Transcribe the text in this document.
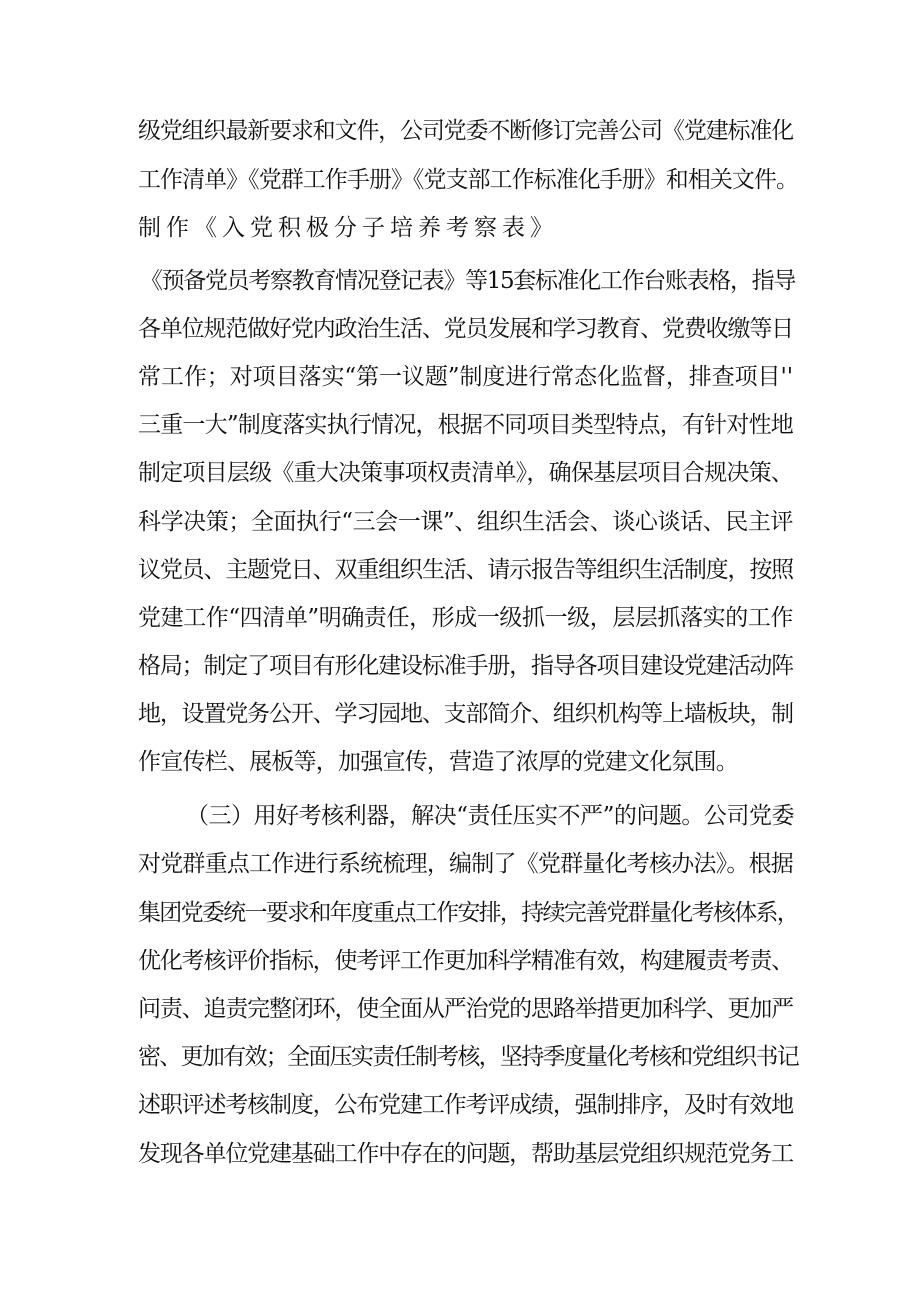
级党组织最新要求和文件，公司党委不断修订完善公司《党建标准化
工作清单》《党群工作手册》《党支部工作标准化手册》和相关文件。
制作《入党积极分子培养考察表》
《预备党员考察教育情况登记表》等15套标准化工作台账表格，指导
各单位规范做好党内政治生活、党员发展和学习教育、党费收缴等日
常工作；对项目落实“第一议题”制度进行常态化监督，排查项目''
三重一大”制度落实执行情况，根据不同项目类型特点，有针对性地
制定项目层级《重大决策事项权责清单》，确保基层项目合规决策、
科学决策；全面执行“三会一课”、组织生活会、谈心谈话、民主评
议党员、主题党日、双重组织生活、请示报告等组织生活制度，按照
党建工作“四清单”明确责任，形成一级抓一级，层层抓落实的工作
格局；制定了项目有形化建设标准手册，指导各项目建设党建活动阵
地，设置党务公开、学习园地、支部简介、组织机构等上墙板块，制
作宣传栏、展板等，加强宣传，营造了浓厚的党建文化氛围。
（三）用好考核利器，解决“责任压实不严”的问题。公司党委
对党群重点工作进行系统梳理，编制了《党群量化考核办法》。根据
集团党委统一要求和年度重点工作安排，持续完善党群量化考核体系，
优化考核评价指标，使考评工作更加科学精准有效，构建履责考责、
问责、追责完整闭环，使全面从严治党的思路举措更加科学、更加严
密、更加有效；全面压实责任制考核，坚持季度量化考核和党组织书记
述职评述考核制度，公布党建工作考评成绩，强制排序，及时有效地
发现各单位党建基础工作中存在的问题，帮助基层党组织规范党务工
